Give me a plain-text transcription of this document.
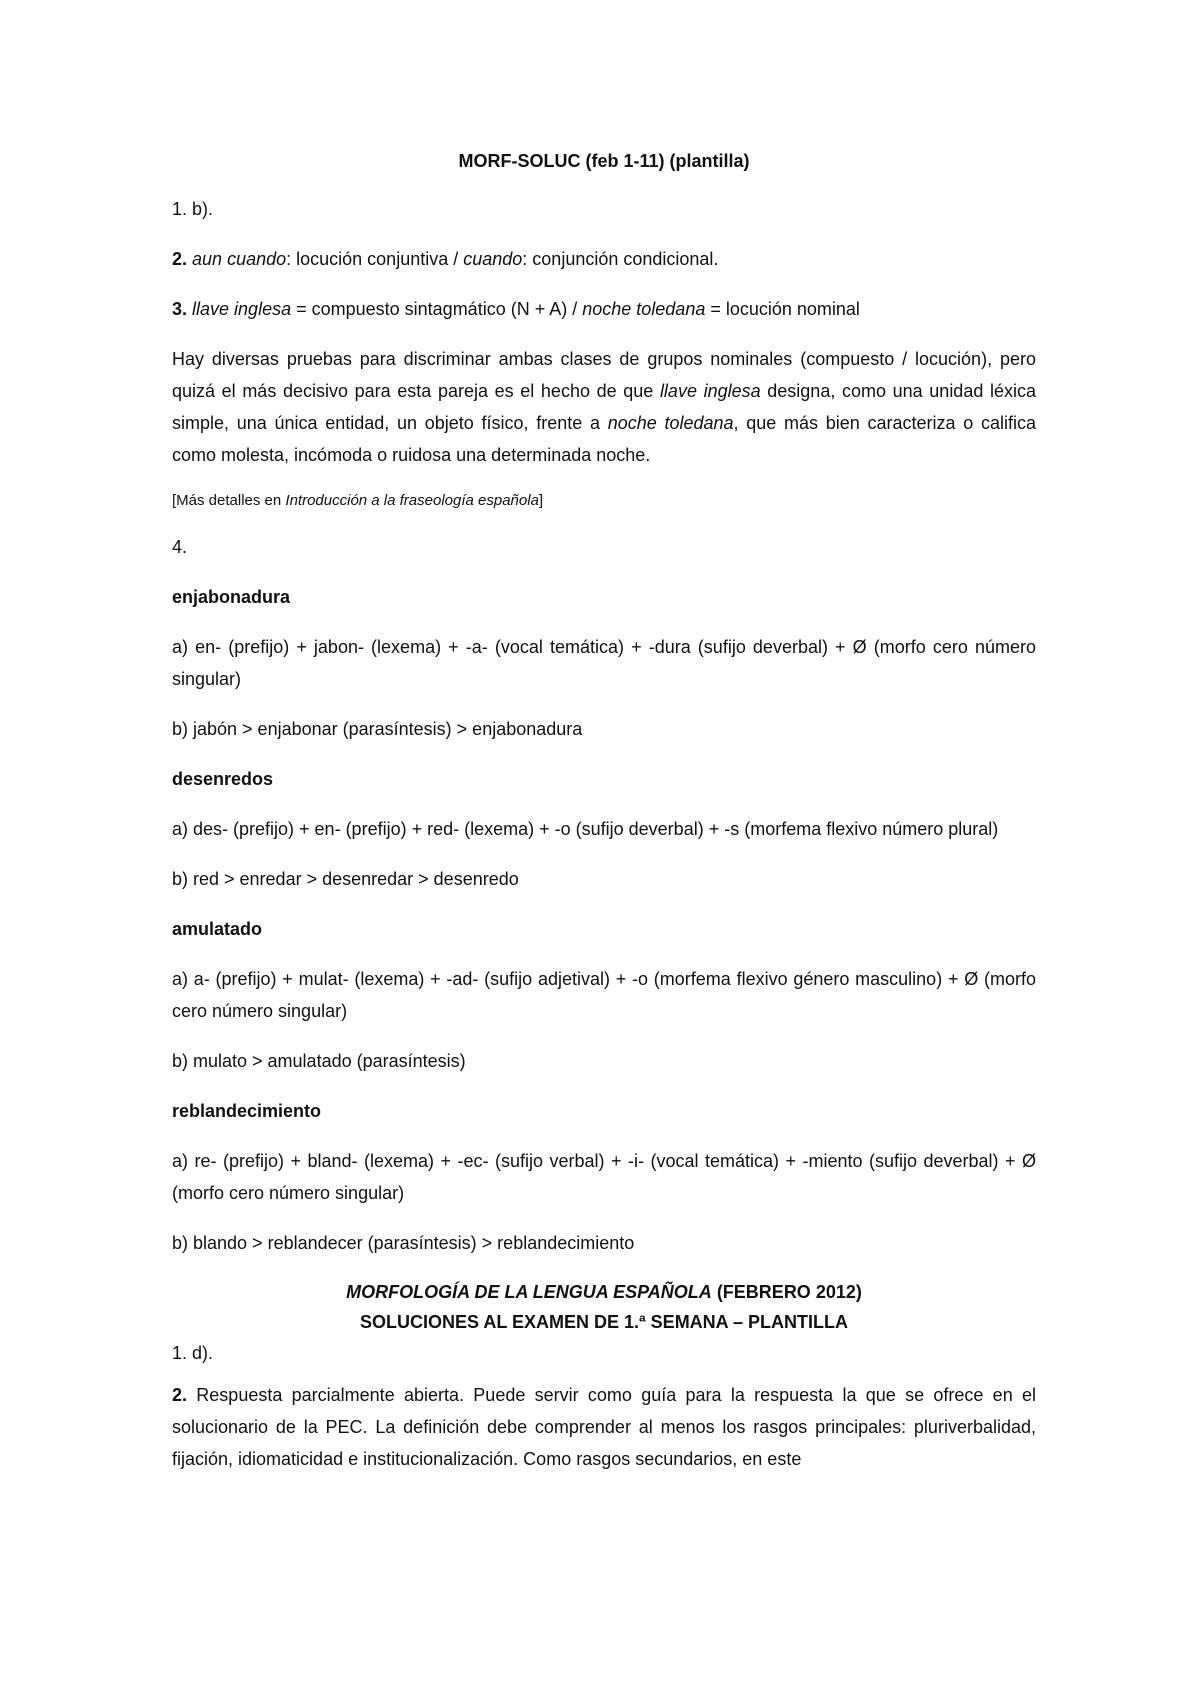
MORF-SOLUC (feb 1-11) (plantilla)

1. b).

2. aun cuando: locución conjuntiva / cuando: conjunción condicional.

3. llave inglesa = compuesto sintagmático (N + A) / noche toledana = locución nominal

Hay diversas pruebas para discriminar ambas clases de grupos nominales (compuesto / locución), pero quizá el más decisivo para esta pareja es el hecho de que llave inglesa designa, como una unidad léxica simple, una única entidad, un objeto físico, frente a noche toledana, que más bien caracteriza o califica como molesta, incómoda o ruidosa una determinada noche.

[Más detalles en Introducción a la fraseología española]

4.

enjabonadura

a) en- (prefijo) + jabon- (lexema) + -a- (vocal temática) + -dura (sufijo deverbal) + Ø (morfo cero número singular)

b) jabón > enjabonar (parasíntesis) > enjabonadura

desenredos

a) des- (prefijo) + en- (prefijo) + red- (lexema) + -o (sufijo deverbal) + -s (morfema flexivo número plural)

b) red > enredar > desenredar > desenredo

amulatado

a) a- (prefijo) + mulat- (lexema) + -ad- (sufijo adjetival) + -o (morfema flexivo género masculino) + Ø (morfo cero número singular)

b) mulato > amulatado (parasíntesis)

reblandecimiento

a) re- (prefijo) + bland- (lexema) + -ec- (sufijo verbal) + -i- (vocal temática) + -miento (sufijo deverbal) + Ø (morfo cero número singular)

b) blando > reblandecer (parasíntesis) > reblandecimiento

MORFOLOGÍA DE LA LENGUA ESPAÑOLA (FEBRERO 2012)
SOLUCIONES AL EXAMEN DE 1.ª SEMANA – PLANTILLA

1. d).

2. Respuesta parcialmente abierta. Puede servir como guía para la respuesta la que se ofrece en el solucionario de la PEC. La definición debe comprender al menos los rasgos principales: pluriverbalidad, fijación, idiomaticidad e institucionalización. Como rasgos secundarios, en este
